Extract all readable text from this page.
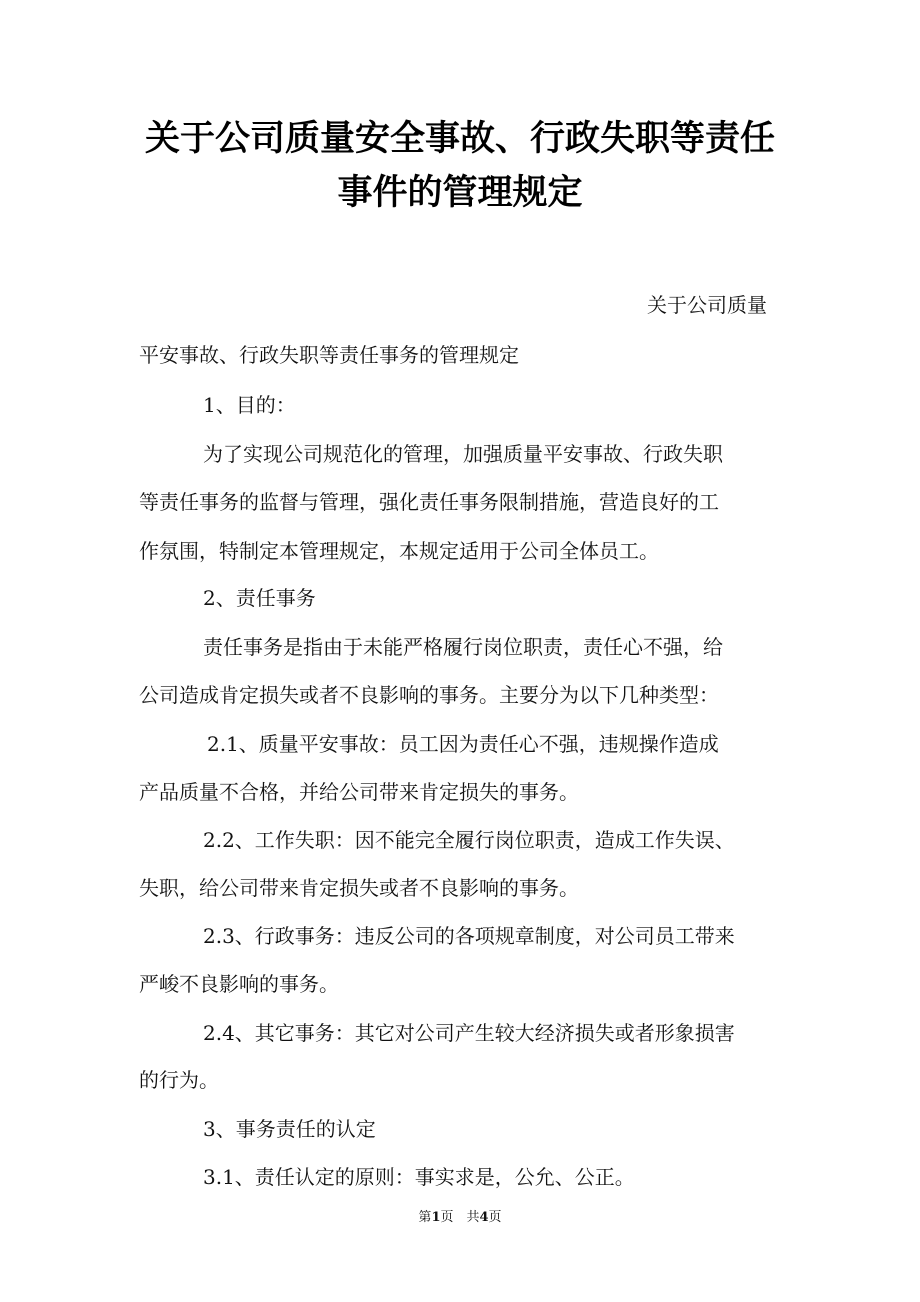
关于公司质量安全事故、行政失职等责任
事件的管理规定
关于公司质量
平安事故、行政失职等责任事务的管理规定
1、目的：
为了实现公司规范化的管理，加强质量平安事故、行政失职
等责任事务的监督与管理，强化责任事务限制措施，营造良好的工
作氛围，特制定本管理规定，本规定适用于公司全体员工。
2、责任事务
责任事务是指由于未能严格履行岗位职责，责任心不强，给
公司造成肯定损失或者不良影响的事务。主要分为以下几种类型：
2.1、质量平安事故：员工因为责任心不强，违规操作造成
产品质量不合格，并给公司带来肯定损失的事务。
2.2、工作失职：因不能完全履行岗位职责，造成工作失误、
失职，给公司带来肯定损失或者不良影响的事务。
2.3、行政事务：违反公司的各项规章制度，对公司员工带来
严峻不良影响的事务。
2.4、其它事务：其它对公司产生较大经济损失或者形象损害
的行为。
3、事务责任的认定
3.1、责任认定的原则：事实求是，公允、公正。
第1页　共4页
